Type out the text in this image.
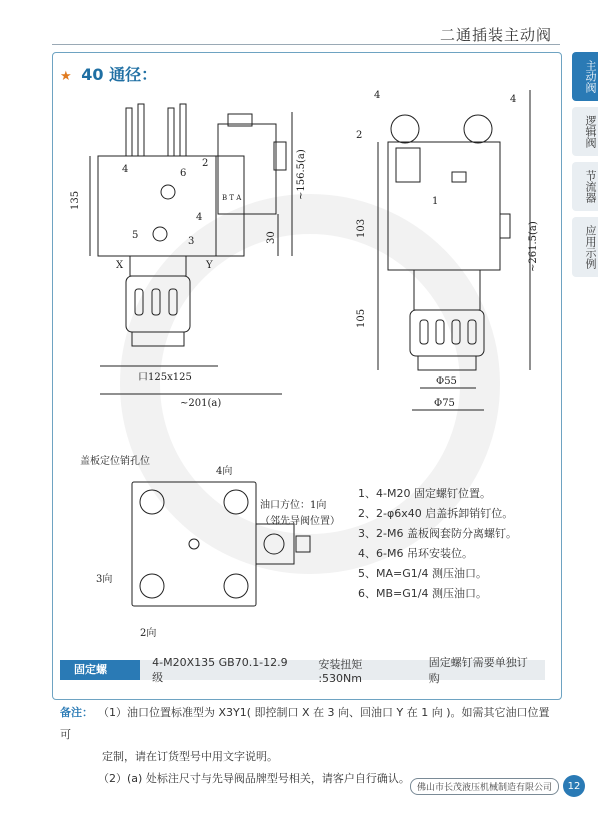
二通插装主动阀
★ 40 通径：	主动阀
逻辑阀
节流器
应用示例
135
~156.5(a)
30
口125x125
~201(a)
2
4	6
4
5
3
X	Y
B T A
2
4	4
1
103
105
~261.5(a)
Φ55
Φ75
盖板定位销孔位
4向
油口方位：1向
（邻先导阀位置）
3向
2向
1、4-M20 固定螺钉位置。
2、2-φ6x40 启盖拆卸销钉位。
3、2-M6 盖板阀套防分离螺钉。
4、6-M6 吊环安装位。
5、MA=G1/4 测压油口。
6、MB=G1/4 测压油口。
固定螺栓：
4-M20X135 GB70.1-12.9 级
安装扭矩 :530Nm
固定螺钉需要单独订购
备注： （1）油口位置标准型为 X3Y1( 即控制口 X 在 3 向、回油口 Y 在 1 向 )。如需其它油口位置可
定制，请在订货型号中用文字说明。
（2）(a) 处标注尺寸与先导阀品牌型号相关，请客户自行确认。
佛山市长茂液压机械制造有限公司	12
